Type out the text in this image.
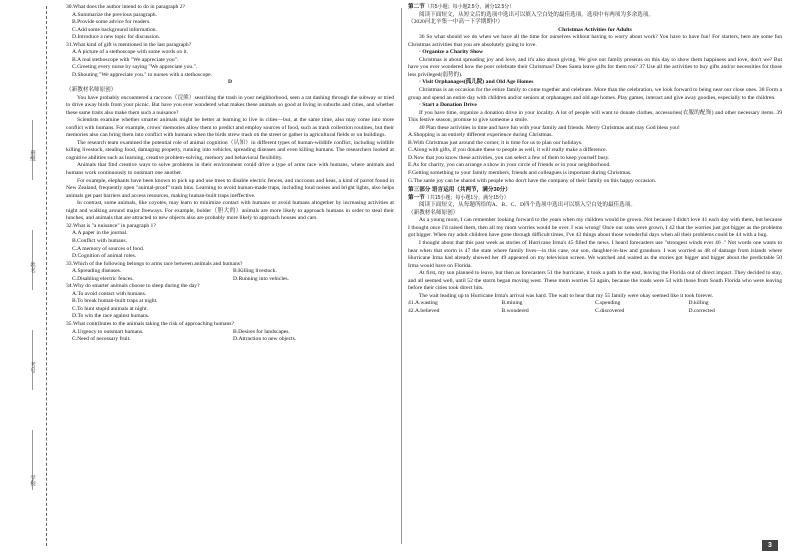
班级
姓名
考号
学校

30.What does the author intend to do in paragraph 2?

A.Summarize the previous paragraph.

B.Provide some advice for readers.

C.Add some background information.

D.Introduce a new topic for discussion.

31.What kind of gift is mentioned in the last paragraph?

A.A picture of a stethoscope with some words on it.

B.A real stethoscope with "We appreciate you".

C.Greeting every nurse by saying "We appreciate you.".

D.Shouting "We appreciate you." to nurses with a stethoscope.

D

（新教材名师原创）

You have probably encountered a raccoon（浣熊）searching the trash in your neighborhood, seen a rat dashing through the subway or tried to drive away birds from your picnic. But have you ever wondered what makes these animals so good at living in suburbs and cities, and whether these same traits also make them such a nuisance?

Scientists examine whether smarter animals might be better at learning to live in cities—but, at the same time, also may come into more conflict with humans. For example, crows' memories allow them to predict and employ sources of food, such as trash collection routines, but their memories also can bring them into conflict with humans when the birds strew trash on the street or gather in agricultural fields or on buildings.

The research team examined the potential role of animal cognition（认知）in different types of human-wildlife conflict, including wildlife killing livestock, stealing food, damaging property, running into vehicles, spreading diseases and even killing humans. The researchers looked at cognitive abilities such as learning, creative problem-solving, memory and behavioral flexibility.

Animals that find creative ways to solve problems in their environment could drive a type of arms race with humans, where animals and humans work continuously to outsmart one another.

For example, elephants have been known to pick up and use trees to disable electric fences, and raccoons and keas, a kind of parrot found in New Zealand, frequently open "animal-proof" trash bins. Learning to avoid human-made traps, including loud noises and bright lights, also helps animals get past barriers and access resources, making human-built traps ineffective.

In contrast, some animals, like coyotes, may learn to minimize contact with humans or avoid humans altogether by increasing activities at night and walking around major freeways. For example, bolder（胆大的）animals are more likely to approach humans in order to steal their lunches, and animals that are attracted to new objects also are probably more likely to approach houses and cars.

32.What is "a nuisance" in paragraph 1?

A.A paper in the journal.

B.Conflict with humans.

C.A memory of sources of food.

D.Cognition of animal roles.

33.Which of the following belongs to arms race between animals and humans?

A.Spreading diseases.	B.Killing livestock.
C.Disabling electric fences.	D.Running into vehicles.

34.Why do smarter animals choose to sleep during the day?

A.To avoid contact with humans.

B.To break human-built traps at night.

C.To hunt stupid animals at night.

D.To win the race against humans.

35.What contributes to the animals taking the risk of approaching humans?

A.Urgency to outsmart humans.	B.Desires for landscapes.
C.Need of necessary fruit.	D.Attraction to new objects.

第二节（共5小题；每小题2.5分，满分12.5分）

阅读下面短文，从短文后的选项中选出可以填入空白处的最佳选项。选项中有两项为多余选项。

（2020河北辛集一中高一下学期期中）

Christmas Activities for Adults

36 So what should we do when we have all the time for ourselves without having to worry about work? You have to have fun! For starters, here are some fun Christmas activities that you are absolutely going to love.

· Organize a Charity Show

Christmas is about spreading joy and love, and it's also about giving. We give our family presents on this day to show them happiness and love, don't we? But have you ever wondered how the poor celebrate their Christmas? Does Santa leave gifts for them too? 37 Use all the activities to buy gifts and/or necessities for those less privileged(弱势的).

· Visit Orphanages(孤儿院) and Old Age Homes

Christmas is an occasion for the entire family to come together and celebrate. More than the celebration, we look forward to being near our close ones. 38 Form a group and spend an entire day with children and/or seniors at orphanages and old age homes. Play games, interact and give away goodies, especially to the children.

· Start a Donation Drive

If you have time, organize a donation drive in your locality. A lot of people will want to donate clothes, accessories(衣服的配饰) and other necessary items. 39 This festive season, promise to give someone a smile.

40 Plan these activities in time and have fun with your family and friends. Merry Christmas and may God bless you!

A.Shopping is an entirely different experience during Christmas.

B.With Christmas just around the corner, it is time for us to plan our holidays.

C.Along with gifts, if you donate these to people as well, it will really make a difference.

D.Now that you know these activities, you can select a few of them to keep yourself busy.

E.As for charity, you can arrange a show in your circle of friends or in your neighborhood.

F.Getting something to your family members, friends and colleagues is important during Christmas.

G.The same joy can be shared with people who don't have the company of their family on this happy occasion.

第三部分 语言运用（共两节，满分30分）

第一节（共15小题；每小题1分，满分15分）

阅读下面短文，从每题所给的A、B、C、D四个选项中选出可以填入空白处的最佳选项。

（新教材名师原创）

As a young mom, I can remember looking forward to the years when my children would be grown. Not because I didn't love 41 each day with them, but because I thought once I'd raised them, then all my mom worries would be over. I was wrong! Once our sons were grown, I 42 that the worries just got bigger as the problems got bigger. When my adult children have gone through difficult times, I've 43 things about those wonderful days when all their problems could be 44 with a hug.

I thought about that this past week as stories of Hurricane Irma's 45 filled the news. I heard forecasters use "strongest winds ever 46 ." Not words one wants to hear when that storm is 47 the state where family lives—in this case, our son, daughter-in-law and grandson. I was worried as 48 of damage from islands where Hurricane Irma had already showed her 49 appeared on my television screen. We watched and waited as the stories got bigger and bigger about the predictable 50 Irma would have on Florida.

At first, my son planned to leave, but then as forecasters 51 the hurricane, it took a path to the east, leaving the Florida out of direct impact. They decided to stay, and all seemed well, until 52 the storm began moving west. These mom worries 53 again, because the roads were 54 with those from South Florida who were leaving before their cities took direct hits.

The wait leading up to Hurricane Irma's arrival was hard. The wait to hear that my 55 family were okay seemed like it took forever.

41.A.wasting	B.mining	C.spending	D.killing
42.A.believed	B.wondered	C.discovered	D.corrected
3
